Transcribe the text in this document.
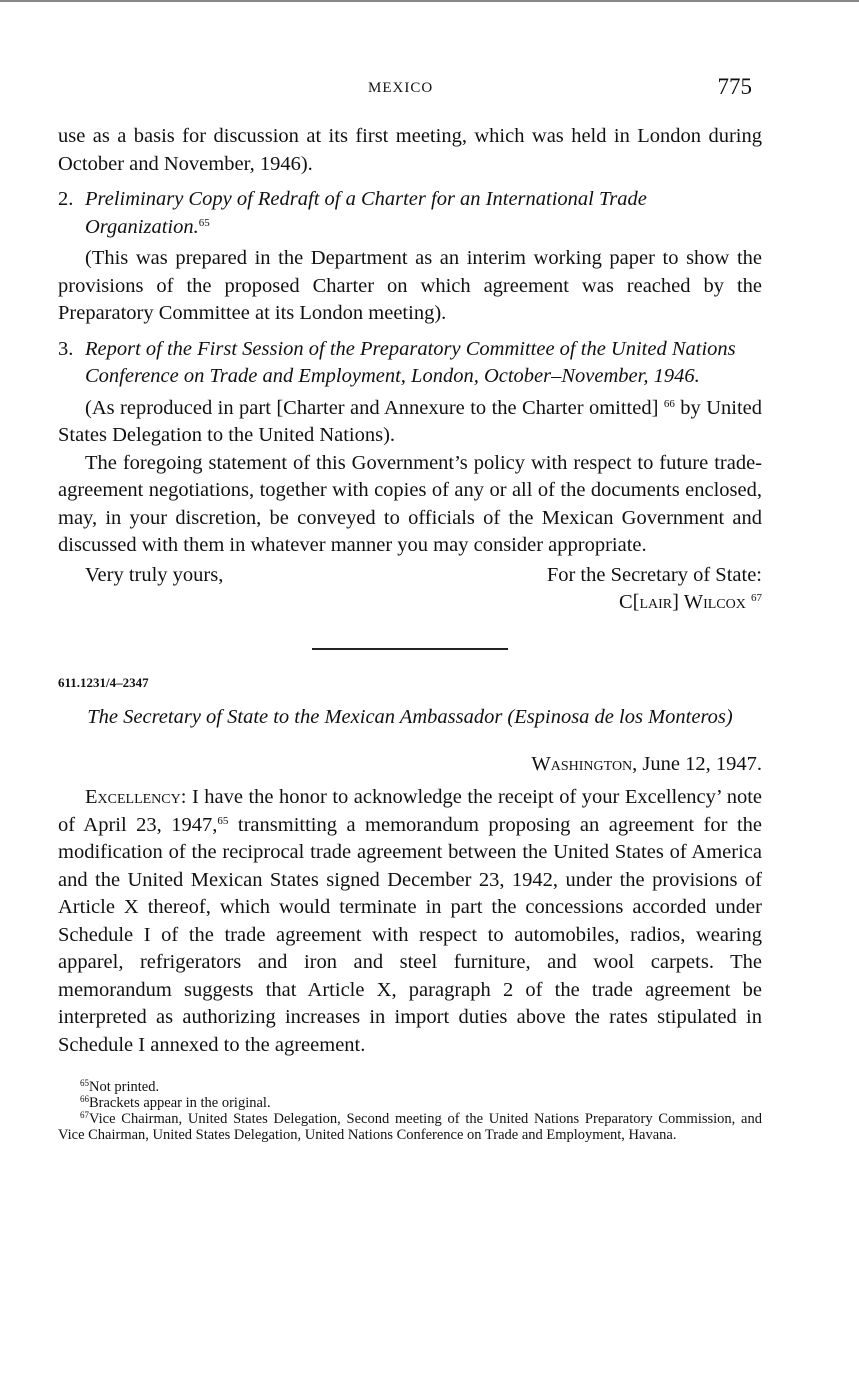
MEXICO	775

use as a basis for discussion at its first meeting, which was held in London during October and November, 1946).

2. Preliminary Copy of Redraft of a Charter for an International Trade Organization.$^{65}$

(This was prepared in the Department as an interim working paper to show the provisions of the proposed Charter on which agreement was reached by the Preparatory Committee at its London meeting).

3. Report of the First Session of the Preparatory Committee of the United Nations Conference on Trade and Employment, London, October–November, 1946.

(As reproduced in part [Charter and Annexure to the Charter omitted] $^{66}$ by United States Delegation to the United Nations).

The foregoing statement of this Government’s policy with respect to future trade-agreement negotiations, together with copies of any or all of the documents enclosed, may, in your discretion, be conveyed to officials of the Mexican Government and discussed with them in whatever manner you may consider appropriate.

Very truly yours,	For the Secretary of State:
C[lair] Wilcox $^{67}$
611.1231/4–2347
The Secretary of State to the Mexican Ambassador (Espinosa de los Monteros)
Washington, June 12, 1947.

Excellency: I have the honor to acknowledge the receipt of your Excellency’ note of April 23, 1947,65 transmitting a memorandum proposing an agreement for the modification of the reciprocal trade agreement between the United States of America and the United Mexican States signed December 23, 1942, under the provisions of Article X thereof, which would terminate in part the concessions accorded under Schedule I of the trade agreement with respect to automobiles, radios, wearing apparel, refrigerators and iron and steel furniture, and wool carpets. The memorandum suggests that Article X, paragraph 2 of the trade agreement be interpreted as authorizing increases in import duties above the rates stipulated in Schedule I annexed to the agreement.

$^{65}$Not printed.
$^{66}$Brackets appear in the original.
$^{67}$Vice Chairman, United States Delegation, Second meeting of the United Nations Preparatory Commission, and Vice Chairman, United States Delegation, United Nations Conference on Trade and Employment, Havana.
